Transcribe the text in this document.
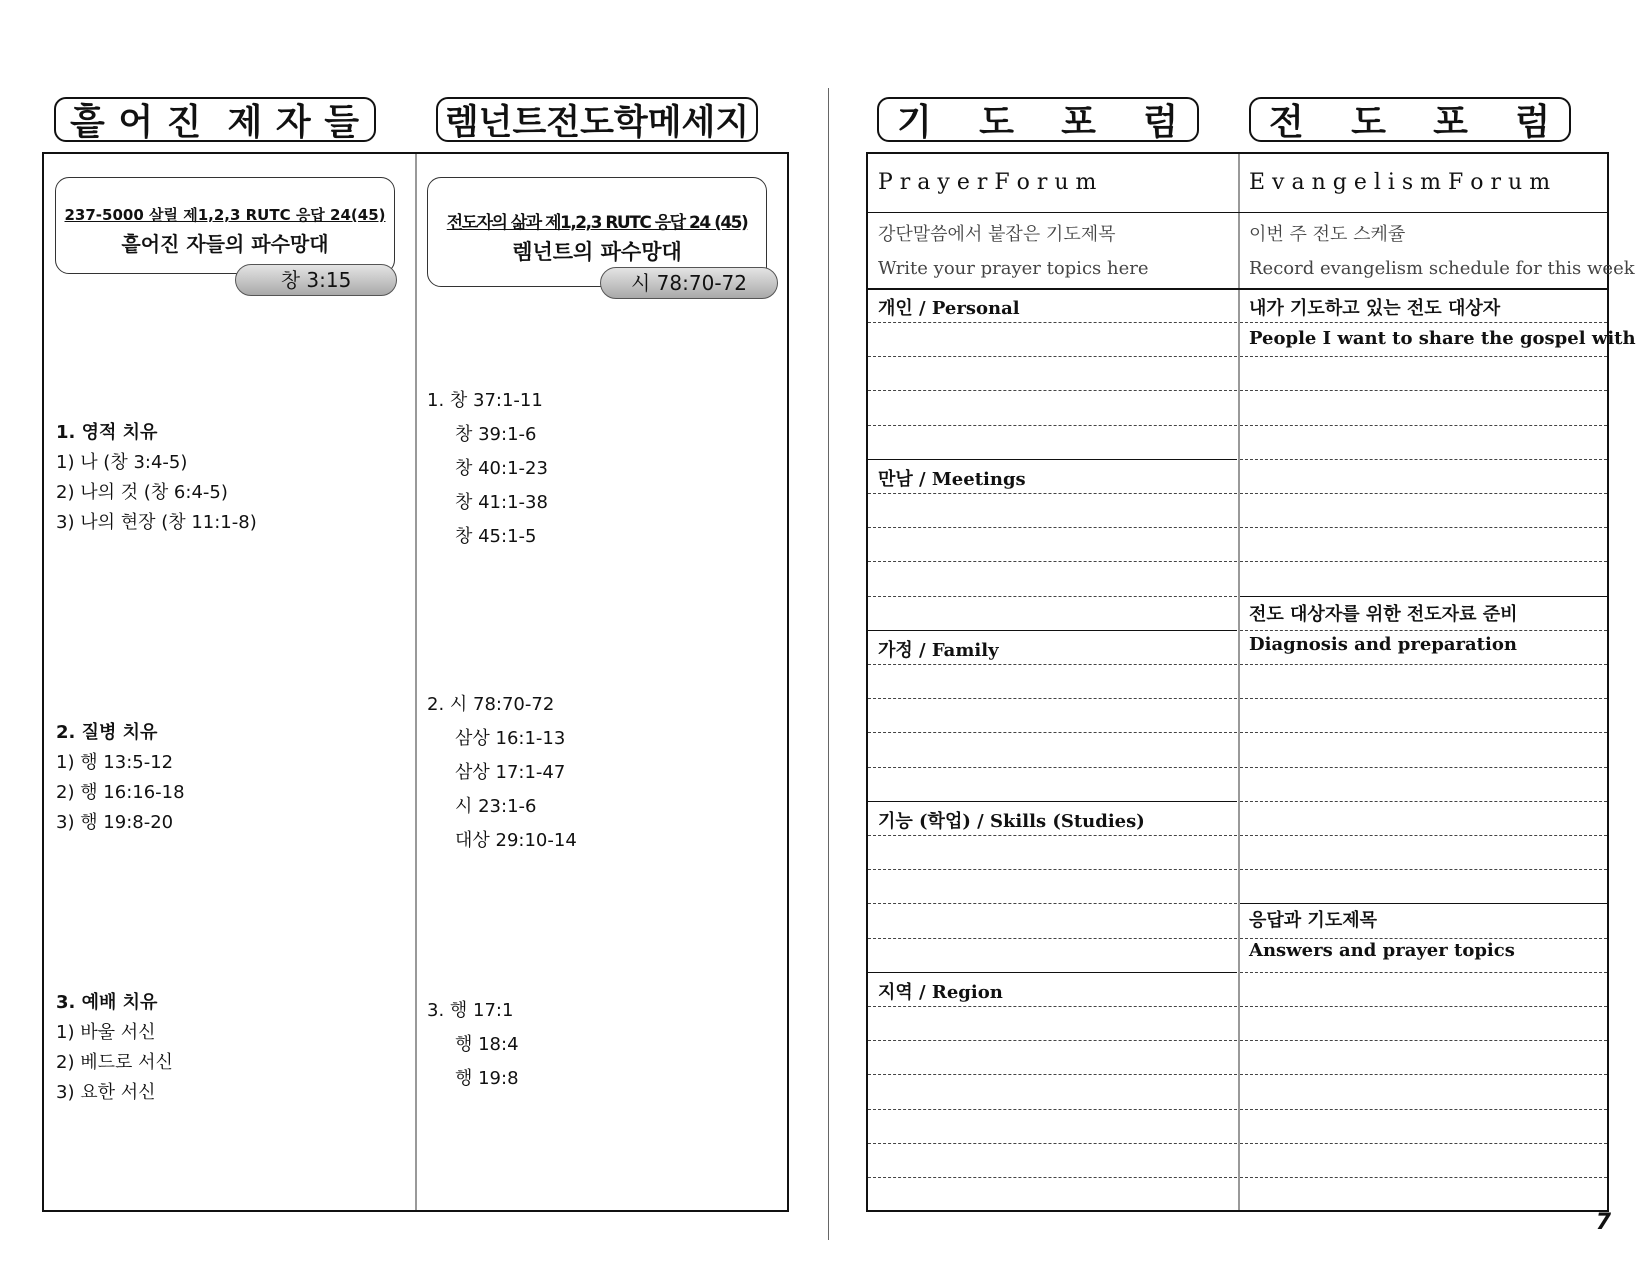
흩 어 진 제 자 들 렘넌트전도학메세지
237-5000 살릴 제1,2,3 RUTC 응답 24(45)
흩어진 자들의 파수망대
창 3:15
1. 영적 치유
1) 나 (창 3:4-5)
2) 나의 것 (창 6:4-5)
3) 나의 현장 (창 11:1-8)
2. 질병 치유
1) 행 13:5-12
2) 행 16:16-18
3) 행 19:8-20
3. 예배 치유
1) 바울 서신
2) 베드로 서신
3) 요한 서신
전도자의 삶과 제1,2,3 RUTC 응답 24 (45)
렘넌트의 파수망대
시 78:70-72
1. 창 37:1-11
창 39:1-6
창 40:1-23
창 41:1-38
창 45:1-5
2. 시 78:70-72
삼상 16:1-13
삼상 17:1-47
시 23:1-6
대상 29:10-14
3. 행 17:1
행 18:4
행 19:8
기 도 포 럼	전 도 포 럼
P r a y e r F o r u m	E v a n g e l i s m F o r u m
강단말씀에서 붙잡은 기도제목
Write your prayer topics here
이번 주 전도 스케쥴
Record evangelism schedule for this week
개인 / Personal
만남 / Meetings
가정 / Family
기능 (학업) / Skills (Studies)
지역 / Region
내가 기도하고 있는 전도 대상자
People I want to share the gospel with
전도 대상자를 위한 전도자료 준비
Diagnosis and preparation
응답과 기도제목
Answers and prayer topics
7
